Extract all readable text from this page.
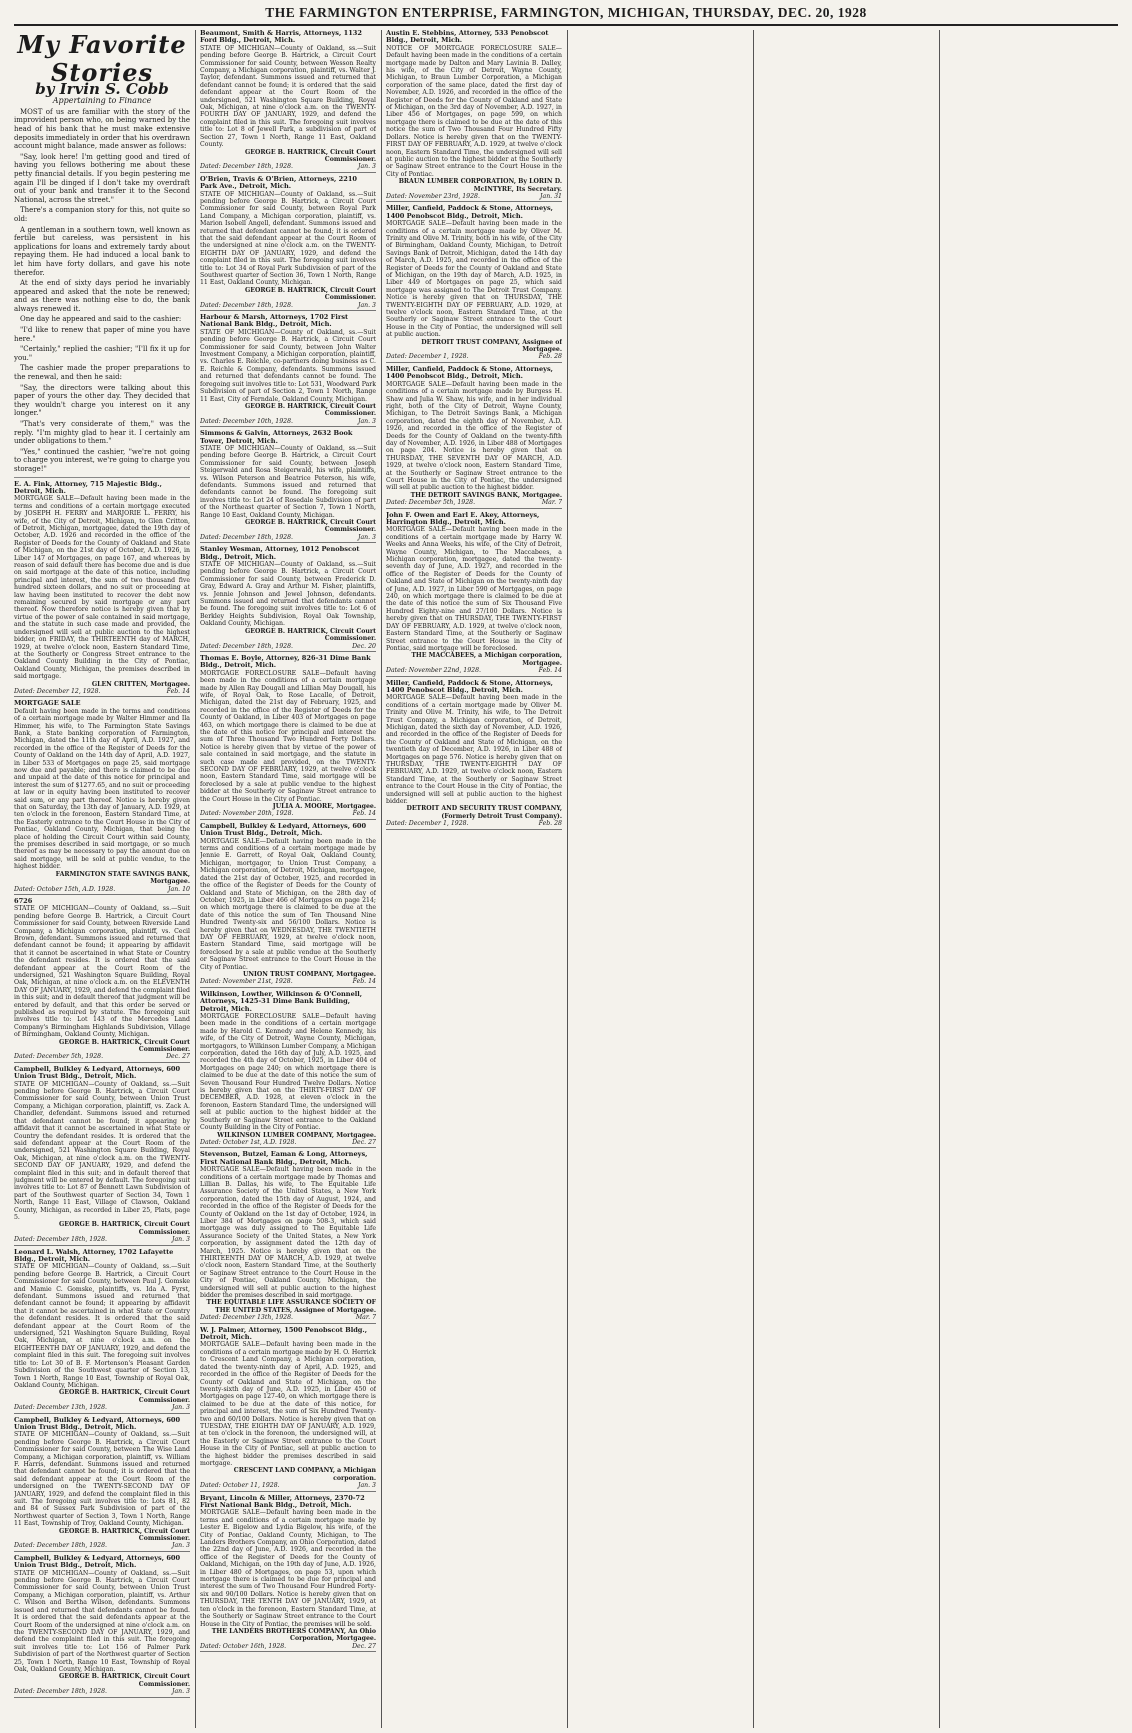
THE FARMINGTON ENTERPRISE, FARMINGTON, MICHIGAN, THURSDAY, DEC. 20, 1928
My Favorite
Stories
by Irvin S. Cobb
Appertaining to Finance

MOST of us are familiar with the story of the improvident person who, on being warned by the head of his bank that he must make extensive deposits immediately in order that his overdrawn account might balance, made answer as follows:

"Say, look here! I'm getting good and tired of having you fellows bothering me about these petty financial details. If you begin pestering me again I'll be dinged if I don't take my overdraft out of your bank and transfer it to the Second National, across the street."

There's a companion story for this, not quite so old:

A gentleman in a southern town, well known as fertile but careless, was persistent in his applications for loans and extremely tardy about repaying them. He had induced a local bank to let him have forty dollars, and gave his note therefor.

At the end of sixty days period he invariably appeared and asked that the note be renewed; and as there was nothing else to do, the bank always renewed it.

One day he appeared and said to the cashier:

"I'd like to renew that paper of mine you have here."

"Certainly," replied the cashier; "I'll fix it up for you."

The cashier made the proper preparations to the renewal, and then he said:

"Say, the directors were talking about this paper of yours the other day. They decided that they wouldn't charge you interest on it any longer."

"That's very considerate of them," was the reply. "I'm mighty glad to hear it. I certainly am under obligations to them."

"Yes," continued the cashier, "we're not going to charge you interest, we're going to charge you storage!"

E. A. Fink, Attorney, 715 Majestic Bldg., Detroit, Mich.
MORTGAGE SALE—Default having been made in the terms and conditions of a certain mortgage executed by JOSEPH H. FERRY and MARJORIE L. FERRY, his wife, of the City of Detroit, Michigan, to Glen Critton, of Detroit, Michigan, mortgagee, dated the 19th day of October, A.D. 1926 and recorded in the office of the Register of Deeds for the County of Oakland and State of Michigan, on the 21st day of October, A.D. 1926, in Liber 147 of Mortgages, on page 167, and whereas by reason of said default there has become due and is due on said mortgage at the date of this notice, including principal and interest, the sum of two thousand five hundred sixteen dollars, and no suit or proceeding at law having been instituted to recover the debt now remaining secured by said mortgage or any part thereof. Now therefore notice is hereby given that by virtue of the power of sale contained in said mortgage, and the statute in such case made and provided, the undersigned will sell at public auction to the highest bidder, on FRIDAY, the THIRTEENTH day of MARCH, 1929, at twelve o'clock noon, Eastern Standard Time, at the Southerly or Congress Street entrance to the Oakland County Building in the City of Pontiac, Oakland County, Michigan, the premises described in said mortgage.
GLEN CRITTEN, Mortgagee.
Dated: December 12, 1928.	Feb. 14
MORTGAGE SALE
Default having been made in the terms and conditions of a certain mortgage made by Walter Himmer and Ila Himmer, his wife, to The Farmington State Savings Bank, a State banking corporation of Farmington, Michigan, dated the 11th day of April, A.D. 1927, and recorded in the office of the Register of Deeds for the County of Oakland on the 14th day of April, A.D. 1927, in Liber 533 of Mortgages on page 25, said mortgage now due and payable; and there is claimed to be due and unpaid at the date of this notice for principal and interest the sum of $1277.65, and no suit or proceeding at law or in equity having been instituted to recover said sum, or any part thereof. Notice is hereby given that on Saturday, the 13th day of January, A.D. 1929, at ten o'clock in the forenoon, Eastern Standard Time, at the Easterly entrance to the Court House in the City of Pontiac, Oakland County, Michigan, that being the place of holding the Circuit Court within said County, the premises described in said mortgage, or so much thereof as may be necessary to pay the amount due on said mortgage, will be sold at public vendue, to the highest bidder.
FARMINGTON STATE SAVINGS BANK, Mortgagee.
Dated: October 15th, A.D. 1928.	Jan. 10
6726
STATE OF MICHIGAN—County of Oakland, ss.—Suit pending before George B. Hartrick, a Circuit Court Commissioner for said County, between Riverside Land Company, a Michigan corporation, plaintiff, vs. Cecil Brown, defendant. Summons issued and returned that defendant cannot be found; it appearing by affidavit that it cannot be ascertained in what State or Country the defendant resides. It is ordered that the said defendant appear at the Court Room of the undersigned, 521 Washington Square Building, Royal Oak, Michigan, at nine o'clock a.m. on the ELEVENTH DAY OF JANUARY, 1929, and defend the complaint filed in this suit; and in default thereof that judgment will be entered by default, and that this order be served or published as required by statute. The foregoing suit involves title to: Lot 143 of the Mercedes Land Company's Birmingham Highlands Subdivision, Village of Birmingham, Oakland County, Michigan.
GEORGE B. HARTRICK, Circuit Court Commissioner.
Dated: December 5th, 1928.	Dec. 27
Campbell, Bulkley & Ledyard, Attorneys, 600 Union Trust Bldg., Detroit, Mich.
STATE OF MICHIGAN—County of Oakland, ss.—Suit pending before George B. Hartrick, a Circuit Court Commissioner for said County, between Union Trust Company, a Michigan corporation, plaintiff, vs. Zack A. Chandler, defendant. Summons issued and returned that defendant cannot be found; it appearing by affidavit that it cannot be ascertained in what State or Country the defendant resides. It is ordered that the said defendant appear at the Court Room of the undersigned, 521 Washington Square Building, Royal Oak, Michigan, at nine o'clock a.m. on the TWENTY-SECOND DAY OF JANUARY, 1929, and defend the complaint filed in this suit; and in default thereof that judgment will be entered by default. The foregoing suit involves title to: Lot 87 of Bennett Lawn Subdivision of part of the Southwest quarter of Section 34, Town 1 North, Range 11 East, Village of Clawson, Oakland County, Michigan, as recorded in Liber 25, Plats, page 5.
GEORGE B. HARTRICK, Circuit Court Commissioner.
Dated: December 18th, 1928.	Jan. 3
Leonard L. Walsh, Attorney, 1702 Lafayette Bldg., Detroit, Mich.
STATE OF MICHIGAN—County of Oakland, ss.—Suit pending before George B. Hartrick, a Circuit Court Commissioner for said County, between Paul J. Gomske and Mamie C. Gomske, plaintiffs, vs. Ida A. Fyrst, defendant. Summons issued and returned that defendant cannot be found; it appearing by affidavit that it cannot be ascertained in what State or Country the defendant resides. It is ordered that the said defendant appear at the Court Room of the undersigned, 521 Washington Square Building, Royal Oak, Michigan, at nine o'clock a.m. on the EIGHTEENTH DAY OF JANUARY, 1929, and defend the complaint filed in this suit. The foregoing suit involves title to: Lot 30 of B. F. Mortenson's Pleasant Garden Subdivision of the Southwest quarter of Section 13, Town 1 North, Range 10 East, Township of Royal Oak, Oakland County, Michigan.
GEORGE B. HARTRICK, Circuit Court Commissioner.
Dated: December 13th, 1928.	Jan. 3
Campbell, Bulkley & Ledyard, Attorneys, 600 Union Trust Bldg., Detroit, Mich.
STATE OF MICHIGAN—County of Oakland, ss.—Suit pending before George B. Hartrick, a Circuit Court Commissioner for said County, between The Wise Land Company, a Michigan corporation, plaintiff, vs. William F. Harris, defendant. Summons issued and returned that defendant cannot be found; it is ordered that the said defendant appear at the Court Room of the undersigned on the TWENTY-SECOND DAY OF JANUARY, 1929, and defend the complaint filed in this suit. The foregoing suit involves title to: Lots 81, 82 and 84 of Sussex Park Subdivision of part of the Northwest quarter of Section 3, Town 1 North, Range 11 East, Township of Troy, Oakland County, Michigan.
GEORGE B. HARTRICK, Circuit Court Commissioner.
Dated: December 18th, 1928.	Jan. 3
Campbell, Bulkley & Ledyard, Attorneys, 600 Union Trust Bldg., Detroit, Mich.
STATE OF MICHIGAN—County of Oakland, ss.—Suit pending before George B. Hartrick, a Circuit Court Commissioner for said County, between Union Trust Company, a Michigan corporation, plaintiff, vs. Arthur C. Wilson and Bertha Wilson, defendants. Summons issued and returned that defendants cannot be found. It is ordered that the said defendants appear at the Court Room of the undersigned at nine o'clock a.m. on the TWENTY-SECOND DAY OF JANUARY, 1929, and defend the complaint filed in this suit. The foregoing suit involves title to: Lot 156 of Palmer Park Subdivision of part of the Northwest quarter of Section 25, Town 1 North, Range 10 East, Township of Royal Oak, Oakland County, Michigan.
GEORGE B. HARTRICK, Circuit Court Commissioner.
Dated: December 18th, 1928.	Jan. 3
Beaumont, Smith & Harris, Attorneys, 1132 Ford Bldg., Detroit, Mich.
STATE OF MICHIGAN—County of Oakland, ss.—Suit pending before George B. Hartrick, a Circuit Court Commissioner for said County, between Wesson Realty Company, a Michigan corporation, plaintiff, vs. Walter J. Taylor, defendant. Summons issued and returned that defendant cannot be found; it is ordered that the said defendant appear at the Court Room of the undersigned, 521 Washington Square Building, Royal Oak, Michigan, at nine o'clock a.m. on the TWENTY-FOURTH DAY OF JANUARY, 1929, and defend the complaint filed in this suit. The foregoing suit involves title to: Lot 8 of Jewell Park, a subdivision of part of Section 27, Town 1 North, Range 11 East, Oakland County.
GEORGE B. HARTRICK, Circuit Court Commissioner.
Dated: December 18th, 1928.	Jan. 3
O'Brien, Travis & O'Brien, Attorneys, 2210 Park Ave., Detroit, Mich.
STATE OF MICHIGAN—County of Oakland, ss.—Suit pending before George B. Hartrick, a Circuit Court Commissioner for said County, between Royal Park Land Company, a Michigan corporation, plaintiff, vs. Marion Isobell Angell, defendant. Summons issued and returned that defendant cannot be found; it is ordered that the said defendant appear at the Court Room of the undersigned at nine o'clock a.m. on the TWENTY-EIGHTH DAY OF JANUARY, 1929, and defend the complaint filed in this suit. The foregoing suit involves title to: Lot 34 of Royal Park Subdivision of part of the Southwest quarter of Section 36, Town 1 North, Range 11 East, Oakland County, Michigan.
GEORGE B. HARTRICK, Circuit Court Commissioner.
Dated: December 18th, 1928.	Jan. 3
Harbour & Marsh, Attorneys, 1702 First National Bank Bldg., Detroit, Mich.
STATE OF MICHIGAN—County of Oakland, ss.—Suit pending before George B. Hartrick, a Circuit Court Commissioner for said County, between John Walter Investment Company, a Michigan corporation, plaintiff, vs. Charles E. Reichle, co-partners doing business as C. E. Reichle & Company, defendants. Summons issued and returned that defendants cannot be found. The foregoing suit involves title to: Lot 531, Woodward Park Subdivision of part of Section 2, Town 1 North, Range 11 East, City of Ferndale, Oakland County, Michigan.
GEORGE B. HARTRICK, Circuit Court Commissioner.
Dated: December 10th, 1928.	Jan. 3
Simmons & Galvin, Attorneys, 2632 Book Tower, Detroit, Mich.
STATE OF MICHIGAN—County of Oakland, ss.—Suit pending before George B. Hartrick, a Circuit Court Commissioner for said County, between Joseph Steigerwald and Rosa Steigerwald, his wife, plaintiffs, vs. Wilson Peterson and Beatrice Peterson, his wife, defendants. Summons issued and returned that defendants cannot be found. The foregoing suit involves title to: Lot 24 of Rosedale Subdivision of part of the Northeast quarter of Section 7, Town 1 North, Range 10 East, Oakland County, Michigan.
GEORGE B. HARTRICK, Circuit Court Commissioner.
Dated: December 18th, 1928.	Jan. 3
Stanley Wesman, Attorney, 1012 Penobscot Bldg., Detroit, Mich.
STATE OF MICHIGAN—County of Oakland, ss.—Suit pending before George B. Hartrick, a Circuit Court Commissioner for said County, between Frederick D. Gray, Edward A. Gray and Arthur M. Fisher, plaintiffs, vs. Jennie Johnson and Jewel Johnson, defendants. Summons issued and returned that defendants cannot be found. The foregoing suit involves title to: Lot 6 of Berkley Heights Subdivision, Royal Oak Township, Oakland County, Michigan.
GEORGE B. HARTRICK, Circuit Court Commissioner.
Dated: December 18th, 1928.	Dec. 20
Thomas E. Boyle, Attorney, 826-31 Dime Bank Bldg., Detroit, Mich.
MORTGAGE FORECLOSURE SALE—Default having been made in the conditions of a certain mortgage made by Allen Ray Dougall and Lillian May Dougall, his wife, of Royal Oak, to Rose Lacalle, of Detroit, Michigan, dated the 21st day of February, 1925, and recorded in the office of the Register of Deeds for the County of Oakland, in Liber 403 of Mortgages on page 463, on which mortgage there is claimed to be due at the date of this notice for principal and interest the sum of Three Thousand Two Hundred Forty Dollars. Notice is hereby given that by virtue of the power of sale contained in said mortgage, and the statute in such case made and provided, on the TWENTY-SECOND DAY OF FEBRUARY, 1929, at twelve o'clock noon, Eastern Standard Time, said mortgage will be foreclosed by a sale at public vendue to the highest bidder at the Southerly or Saginaw Street entrance to the Court House in the City of Pontiac.
JULIA A. MOORE, Mortgagee.
Dated: November 20th, 1928.	Feb. 14
Campbell, Bulkley & Ledyard, Attorneys, 600 Union Trust Bldg., Detroit, Mich.
MORTGAGE SALE—Default having been made in the terms and conditions of a certain mortgage made by Jennie E. Garrett, of Royal Oak, Oakland County, Michigan, mortgagor, to Union Trust Company, a Michigan corporation, of Detroit, Michigan, mortgagee, dated the 21st day of October, 1925, and recorded in the office of the Register of Deeds for the County of Oakland and State of Michigan, on the 28th day of October, 1925, in Liber 466 of Mortgages on page 214; on which mortgage there is claimed to be due at the date of this notice the sum of Ten Thousand Nine Hundred Twenty-six and 56/100 Dollars. Notice is hereby given that on WEDNESDAY, THE TWENTIETH DAY OF FEBRUARY, 1929, at twelve o'clock noon, Eastern Standard Time, said mortgage will be foreclosed by a sale at public vendue at the Southerly or Saginaw Street entrance to the Court House in the City of Pontiac.
UNION TRUST COMPANY, Mortgagee.
Dated: November 21st, 1928.	Feb. 14
Wilkinson, Lowther, Wilkinson & O'Connell, Attorneys, 1425-31 Dime Bank Building, Detroit, Mich.
MORTGAGE FORECLOSURE SALE—Default having been made in the conditions of a certain mortgage made by Harold C. Kennedy and Helene Kennedy, his wife, of the City of Detroit, Wayne County, Michigan, mortgagors, to Wilkinson Lumber Company, a Michigan corporation, dated the 16th day of July, A.D. 1925, and recorded the 4th day of October, 1925, in Liber 404 of Mortgages on page 240; on which mortgage there is claimed to be due at the date of this notice the sum of Seven Thousand Four Hundred Twelve Dollars. Notice is hereby given that on the THIRTY-FIRST DAY OF DECEMBER, A.D. 1928, at eleven o'clock in the forenoon, Eastern Standard Time, the undersigned will sell at public auction to the highest bidder at the Southerly or Saginaw Street entrance to the Oakland County Building in the City of Pontiac.
WILKINSON LUMBER COMPANY, Mortgagee.
Dated: October 1st, A.D. 1928.	Dec. 27
Stevenson, Butzel, Eaman & Long, Attorneys, First National Bank Bldg., Detroit, Mich.
MORTGAGE SALE—Default having been made in the conditions of a certain mortgage made by Thomas and Lillian B. Dallas, his wife, to The Equitable Life Assurance Society of the United States, a New York corporation, dated the 15th day of August, 1924, and recorded in the office of the Register of Deeds for the County of Oakland on the 1st day of October, 1924, in Liber 384 of Mortgages on page 508-3, which said mortgage was duly assigned to The Equitable Life Assurance Society of the United States, a New York corporation, by assignment dated the 12th day of March, 1925. Notice is hereby given that on the THIRTEENTH DAY OF MARCH, A.D. 1929, at twelve o'clock noon, Eastern Standard Time, at the Southerly or Saginaw Street entrance to the Court House in the City of Pontiac, Oakland County, Michigan, the undersigned will sell at public auction to the highest bidder the premises described in said mortgage.
THE EQUITABLE LIFE ASSURANCE SOCIETY OF THE UNITED STATES, Assignee of Mortgagee.
Dated: December 13th, 1928.	Mar. 7
W. J. Palmer, Attorney, 1500 Penobscot Bldg., Detroit, Mich.
MORTGAGE SALE—Default having been made in the conditions of a certain mortgage made by H. O. Herrick to Crescent Land Company, a Michigan corporation, dated the twenty-ninth day of April, A.D. 1925, and recorded in the office of the Register of Deeds for the County of Oakland and State of Michigan, on the twenty-sixth day of June, A.D. 1925, in Liber 450 of Mortgages on page 127-40, on which mortgage there is claimed to be due at the date of this notice, for principal and interest, the sum of Six Hundred Twenty-two and 60/100 Dollars. Notice is hereby given that on TUESDAY, THE EIGHTH DAY OF JANUARY, A.D. 1929, at ten o'clock in the forenoon, the undersigned will, at the Easterly or Saginaw Street entrance to the Court House in the City of Pontiac, sell at public auction to the highest bidder the premises described in said mortgage.
CRESCENT LAND COMPANY, a Michigan corporation.
Dated: October 11, 1928.	Jan. 3
Bryant, Lincoln & Miller, Attorneys, 2370-72 First National Bank Bldg., Detroit, Mich.
MORTGAGE SALE—Default having been made in the terms and conditions of a certain mortgage made by Lester E. Bigelow and Lydia Bigelow, his wife, of the City of Pontiac, Oakland County, Michigan, to The Landers Brothers Company, an Ohio Corporation, dated the 22nd day of June, A.D. 1926, and recorded in the office of the Register of Deeds for the County of Oakland, Michigan, on the 19th day of June, A.D. 1926, in Liber 480 of Mortgages, on page 53, upon which mortgage there is claimed to be due for principal and interest the sum of Two Thousand Four Hundred Forty-six and 90/100 Dollars. Notice is hereby given that on THURSDAY, THE TENTH DAY OF JANUARY, 1929, at ten o'clock in the forenoon, Eastern Standard Time, at the Southerly or Saginaw Street entrance to the Court House in the City of Pontiac, the premises will be sold.
THE LANDERS BROTHERS COMPANY, An Ohio Corporation, Mortgagee.
Dated: October 16th, 1928.	Dec. 27
Austin E. Stebbins, Attorney, 533 Penobscot Bldg., Detroit, Mich.
NOTICE OF MORTGAGE FORECLOSURE SALE—Default having been made in the conditions of a certain mortgage made by Dalton and Mary Lavinia B. Dalley, his wife, of the City of Detroit, Wayne County, Michigan, to Braun Lumber Corporation, a Michigan corporation of the same place, dated the first day of November, A.D. 1926, and recorded in the office of the Register of Deeds for the County of Oakland and State of Michigan, on the 3rd day of November, A.D. 1927, in Liber 456 of Mortgages, on page 599, on which mortgage there is claimed to be due at the date of this notice the sum of Two Thousand Four Hundred Fifty Dollars. Notice is hereby given that on the TWENTY-FIRST DAY OF FEBRUARY, A.D. 1929, at twelve o'clock noon, Eastern Standard Time, the undersigned will sell at public auction to the highest bidder at the Southerly or Saginaw Street entrance to the Court House in the City of Pontiac.
BRAUN LUMBER CORPORATION, By LORIN D. McINTYRE, Its Secretary.
Dated: November 23rd, 1928.	Jan. 31
Miller, Canfield, Paddock & Stone, Attorneys, 1400 Penobscot Bldg., Detroit, Mich.
MORTGAGE SALE—Default having been made in the conditions of a certain mortgage made by Oliver M. Trinity and Olive M. Trinity, both in his wife, of the City of Birmingham, Oakland County, Michigan, to Detroit Savings Bank of Detroit, Michigan, dated the 14th day of March, A.D. 1925, and recorded in the office of the Register of Deeds for the County of Oakland and State of Michigan, on the 19th day of March, A.D. 1925, in Liber 449 of Mortgages on page 25, which said mortgage was assigned to The Detroit Trust Company. Notice is hereby given that on THURSDAY, THE TWENTY-EIGHTH DAY OF FEBRUARY, A.D. 1929, at twelve o'clock noon, Eastern Standard Time, at the Southerly or Saginaw Street entrance to the Court House in the City of Pontiac, the undersigned will sell at public auction.
DETROIT TRUST COMPANY, Assignee of Mortgagee.
Dated: December 1, 1928.	Feb. 28
Miller, Canfield, Paddock & Stone, Attorneys, 1400 Penobscot Bldg., Detroit, Mich.
MORTGAGE SALE—Default having been made in the conditions of a certain mortgage made by Burgess H. Shaw and Julia W. Shaw, his wife, and in her individual right, both of the City of Detroit, Wayne County, Michigan, to The Detroit Savings Bank, a Michigan corporation, dated the eighth day of November, A.D. 1926, and recorded in the office of the Register of Deeds for the County of Oakland on the twenty-fifth day of November, A.D. 1926, in Liber 488 of Mortgages on page 204. Notice is hereby given that on THURSDAY, THE SEVENTH DAY OF MARCH, A.D. 1929, at twelve o'clock noon, Eastern Standard Time, at the Southerly or Saginaw Street entrance to the Court House in the City of Pontiac, the undersigned will sell at public auction to the highest bidder.
THE DETROIT SAVINGS BANK, Mortgagee.
Dated: December 5th, 1928.	Mar. 7
John F. Owen and Earl E. Akey, Attorneys, Harrington Bldg., Detroit, Mich.
MORTGAGE SALE—Default having been made in the conditions of a certain mortgage made by Harry W. Weeks and Anna Weeks, his wife, of the City of Detroit, Wayne County, Michigan, to The Maccabees, a Michigan corporation, mortgagee, dated the twenty-seventh day of June, A.D. 1927, and recorded in the office of the Register of Deeds for the County of Oakland and State of Michigan on the twenty-ninth day of June, A.D. 1927, in Liber 590 of Mortgages, on page 240, on which mortgage there is claimed to be due at the date of this notice the sum of Six Thousand Five Hundred Eighty-nine and 27/100 Dollars. Notice is hereby given that on THURSDAY, THE TWENTY-FIRST DAY OF FEBRUARY, A.D. 1929, at twelve o'clock noon, Eastern Standard Time, at the Southerly or Saginaw Street entrance to the Court House in the City of Pontiac, said mortgage will be foreclosed.
THE MACCABEES, a Michigan corporation, Mortgagee.
Dated: November 22nd, 1928.	Feb. 14
Miller, Canfield, Paddock & Stone, Attorneys, 1400 Penobscot Bldg., Detroit, Mich.
MORTGAGE SALE—Default having been made in the conditions of a certain mortgage made by Oliver M. Trinity and Olive M. Trinity, his wife, to The Detroit Trust Company, a Michigan corporation, of Detroit, Michigan, dated the sixth day of November, A.D. 1926, and recorded in the office of the Register of Deeds for the County of Oakland and State of Michigan, on the twentieth day of December, A.D. 1926, in Liber 488 of Mortgages on page 576. Notice is hereby given that on THURSDAY, THE TWENTY-EIGHTH DAY OF FEBRUARY, A.D. 1929, at twelve o'clock noon, Eastern Standard Time, at the Southerly or Saginaw Street entrance to the Court House in the City of Pontiac, the undersigned will sell at public auction to the highest bidder.
DETROIT AND SECURITY TRUST COMPANY, (Formerly Detroit Trust Company).
Dated: December 1, 1928.	Feb. 28
